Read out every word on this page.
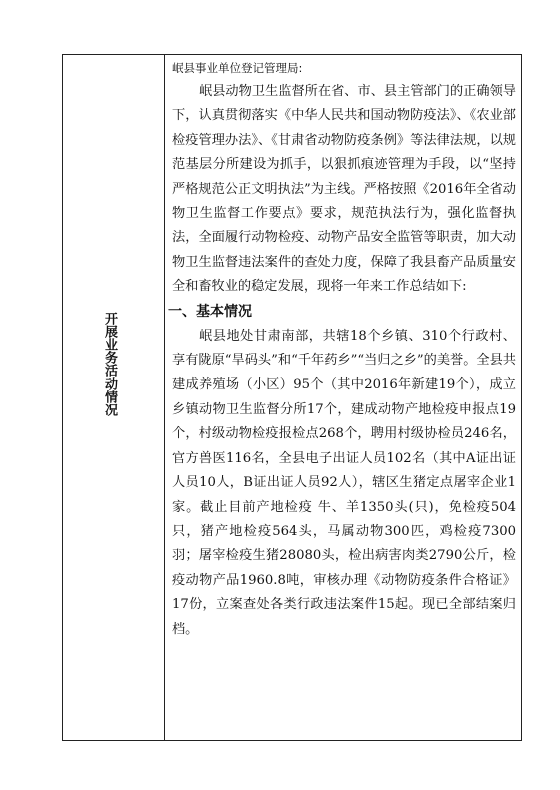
开展业务活动情况

岷县事业单位登记管理局:

岷县动物卫生监督所在省、市、县主管部门的正确领导下，认真贯彻落实《中华人民共和国动物防疫法》、《农业部检疫管理办法》、《甘肃省动物防疫条例》等法律法规，以规范基层分所建设为抓手，以狠抓痕迹管理为手段，以“坚持严格规范公正文明执法”为主线。严格按照《2016年全省动物卫生监督工作要点》要求，规范执法行为，强化监督执法，全面履行动物检疫、动物产品安全监管等职责，加大动物卫生监督违法案件的查处力度，保障了我县畜产品质量安全和畜牧业的稳定发展，现将一年来工作总结如下:

一、基本情况

岷县地处甘肃南部，共辖18个乡镇、310个行政村、享有陇原“旱码头”和“千年药乡”“当归之乡”的美誉。全县共建成养殖场（小区）95个（其中2016年新建19个），成立乡镇动物卫生监督分所17个，建成动物产地检疫申报点19个，村级动物检疫报检点268个，聘用村级协检员246名，官方兽医116名，全县电子出证人员102名（其中A证出证人员10人，B证出证人员92人），辖区生猪定点屠宰企业1家。截止目前产地检疫 牛、羊1350头(只)，免检疫504只，猪产地检疫564头，马属动物300匹，鸡检疫7300羽；屠宰检疫生猪28080头，检出病害肉类2790公斤，检疫动物产品1960.8吨，审核办理《动物防疫条件合格证》17份，立案查处各类行政违法案件15起。现已全部结案归档。
